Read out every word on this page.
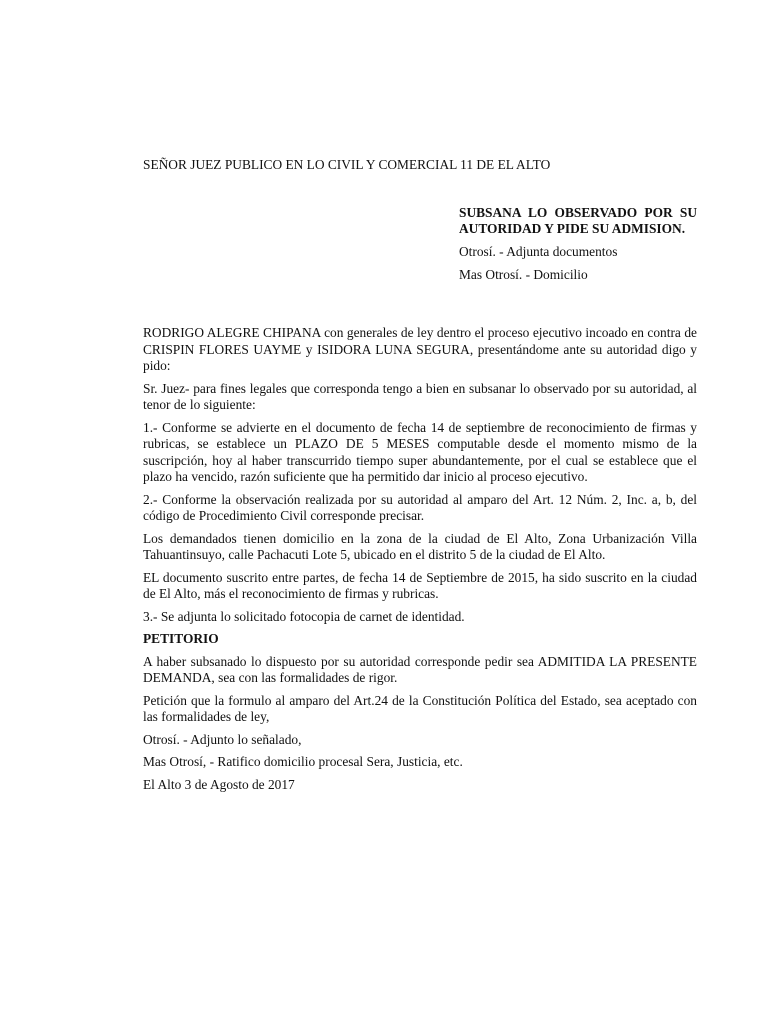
SEÑOR JUEZ PUBLICO EN LO CIVIL Y COMERCIAL 11 DE EL ALTO

SUBSANA LO OBSERVADO POR SU AUTORIDAD Y PIDE SU ADMISION.

Otrosí. - Adjunta documentos

Mas Otrosí. - Domicilio

RODRIGO ALEGRE CHIPANA con generales de ley dentro el proceso ejecutivo incoado en contra de CRISPIN FLORES UAYME y ISIDORA LUNA SEGURA, presentándome ante su autoridad digo y pido:

Sr. Juez- para fines legales que corresponda tengo a bien en subsanar lo observado por su autoridad, al tenor de lo siguiente:

1.- Conforme se advierte en el documento de fecha 14 de septiembre de reconocimiento de firmas y rubricas, se establece un PLAZO DE 5 MESES computable desde el momento mismo de la suscripción, hoy al haber transcurrido tiempo super abundantemente, por el cual se establece que el plazo ha vencido, razón suficiente que ha permitido dar inicio al proceso ejecutivo.

2.- Conforme la observación realizada por su autoridad al amparo del Art. 12 Núm. 2, Inc. a, b, del código de Procedimiento Civil corresponde precisar.

Los demandados tienen domicilio en la zona de la ciudad de El Alto, Zona Urbanización Villa Tahuantinsuyo, calle Pachacuti Lote 5, ubicado en el distrito 5 de la ciudad de El Alto.

EL documento suscrito entre partes, de fecha 14 de Septiembre de 2015, ha sido suscrito en la ciudad de El Alto, más el reconocimiento de firmas y rubricas.

3.- Se adjunta lo solicitado fotocopia de carnet de identidad.

PETITORIO

A haber subsanado lo dispuesto por su autoridad corresponde pedir sea ADMITIDA LA PRESENTE DEMANDA, sea con las formalidades de rigor.

Petición que la formulo al amparo del Art.24 de la Constitución Política del Estado, sea aceptado con las formalidades de ley,

Otrosí. - Adjunto lo señalado,

Mas Otrosí, - Ratifico domicilio procesal Sera, Justicia, etc.

El Alto 3 de Agosto de 2017
